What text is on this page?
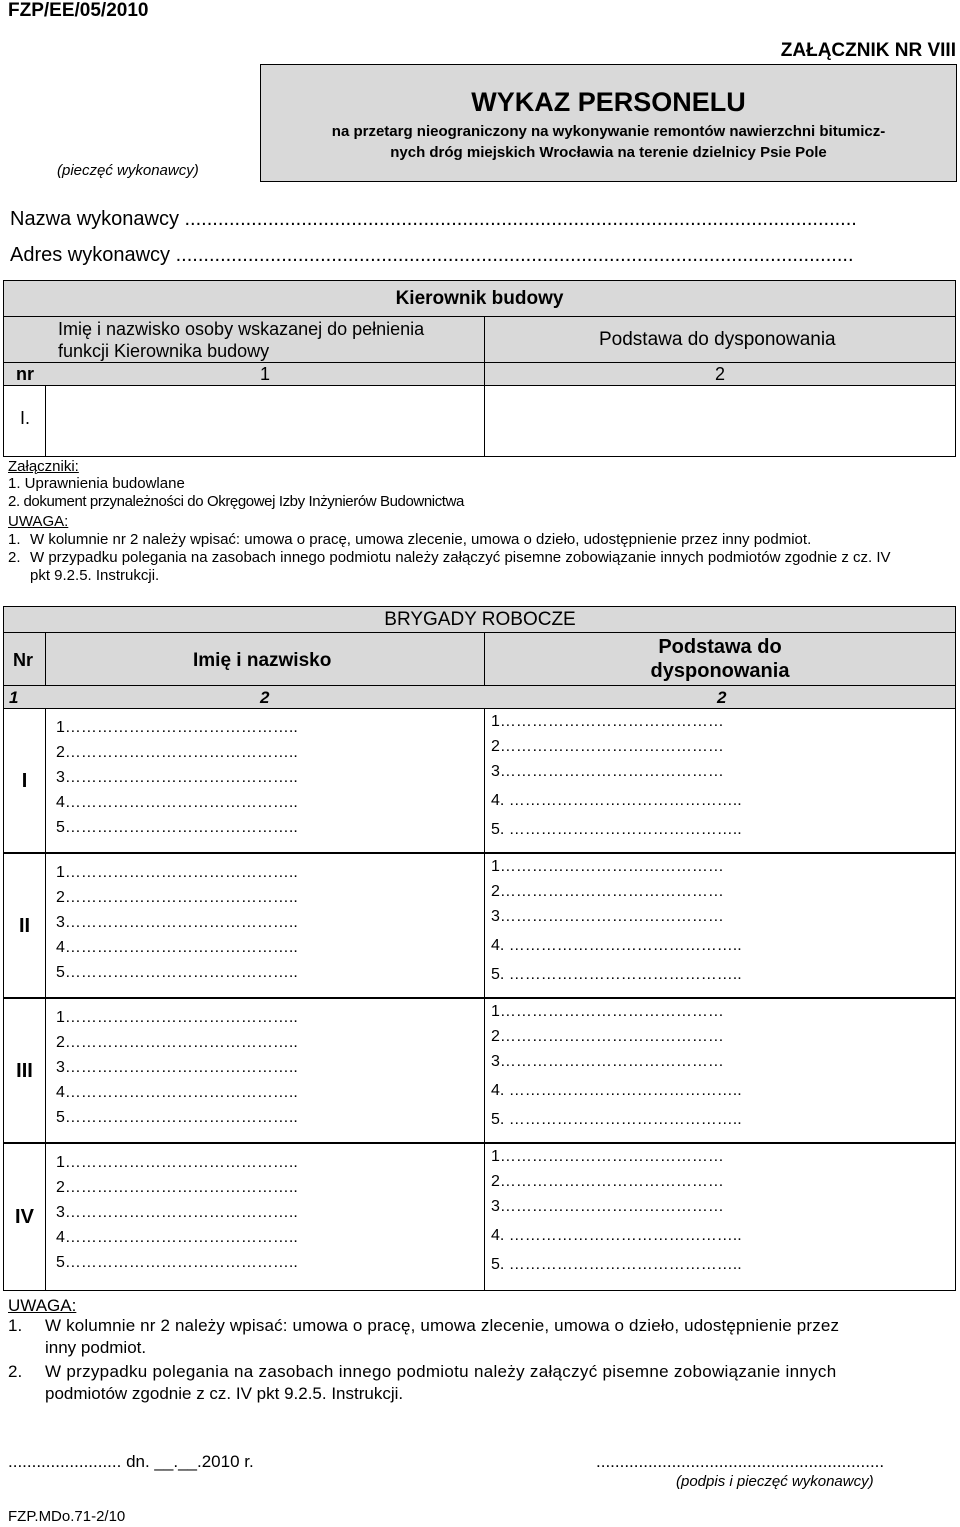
FZP/EE/05/2010
ZAŁĄCZNIK NR VIII
(pieczęć wykonawcy)
WYKAZ PERSONELU
na przetarg nieograniczony na wykonywanie remontów nawierzchni bitumicz-
nych dróg miejskich Wrocławia na terenie dzielnicy Psie Pole
Nazwa wykonawcy .........................................................................................................................
Adres wykonawcy ..........................................................................................................................
Kierownik budowy
Imię i nazwisko osoby wskazanej do pełnienia
funkcji Kierownika budowy
Podstawa do dysponowania
nr	1	2
I.
Załączniki:
1. Uprawnienia budowlane
2. dokument przynależności do Okręgowej Izby Inżynierów Budownictwa
UWAGA:
1. W kolumnie nr 2 należy wpisać: umowa o pracę, umowa zlecenie, umowa o dzieło, udostępnienie przez inny podmiot.
2. W przypadku polegania na zasobach innego podmiotu należy załączyć pisemne zobowiązanie innych podmiotów zgodnie z cz. IV
pkt 9.2.5. Instrukcji.
BRYGADY ROBOCZE
Nr	Imię i nazwisko
Podstawa do
dysponowania
1	2	2
I
1……………………………………..
2……………………………………..
3……………………………………..
4……………………………………..
5……………………………………..
1……………………………………
2……………………………………
3……………………………………
4. ……………………………………..
5. ……………………………………..
II
1……………………………………..
2……………………………………..
3……………………………………..
4……………………………………..
5……………………………………..
1……………………………………
2……………………………………
3……………………………………
4. ……………………………………..
5. ……………………………………..
III
1……………………………………..
2……………………………………..
3……………………………………..
4……………………………………..
5……………………………………..
1……………………………………
2……………………………………
3……………………………………
4. ……………………………………..
5. ……………………………………..
IV
1……………………………………..
2……………………………………..
3……………………………………..
4……………………………………..
5……………………………………..
1……………………………………
2……………………………………
3……………………………………
4. ……………………………………..
5. ……………………………………..
UWAGA:
1. W kolumnie nr 2 należy wpisać: umowa o pracę, umowa zlecenie, umowa o dzieło, udostępnienie przez
inny podmiot.
2. W przypadku polegania na zasobach innego podmiotu należy załączyć pisemne zobowiązanie innych
podmiotów zgodnie z cz. IV pkt 9.2.5. Instrukcji.
........................ dn. __.__.2010 r.	.............................................................
(podpis i pieczęć wykonawcy)
FZP.MDo.71-2/10
